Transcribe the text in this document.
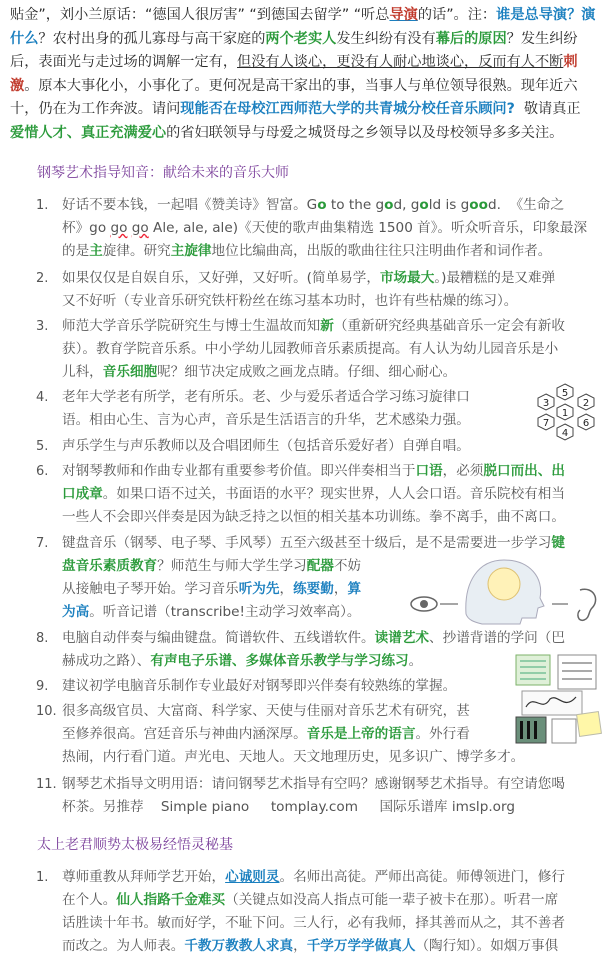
贴金”，刘小兰原话：“德国人很厉害” “到德国去留学” “听总导演的话”。注：谁是总导演？演
什么？农村出身的孤儿寡母与高干家庭的两个老实人发生纠纷有没有幕后的原因？发生纠纷
后，表面光与走过场的调解一定有，但没有人谈心，更没有人耐心地谈心，反而有人不断刺
激。原本大事化小，小事化了。更何况是高干家出的事，当事人与单位领导很熟。现年近六
十，仍在为工作奔波。请问现能否在母校江西师范大学的共青城分校任音乐顾问? 敬请真正
爱惜人才、真正充满爱心的省妇联领导与母爱之城贤母之乡领导以及母校领导多多关注。
钢琴艺术指导知音：献给未来的音乐大师
1. 好话不要本钱，一起唱《赞美诗》智富。Go to the god, gold is good. 《生命之
杯》go go go Ale, ale, ale)《天使的歌声曲集精选 1500 首》。听众听音乐，印象最深
的是主旋律。研究主旋律地位比编曲高，出版的歌曲往往只注明曲作者和词作者。
2. 如果仅仅是自娱自乐，又好弹，又好听。(简单易学，市场最大。)最糟糕的是又难弹
又不好听（专业音乐研究铁杆粉丝在练习基本功时，也许有些枯燥的练习）。
3. 师范大学音乐学院研究生与博士生温故而知新（重新研究经典基础音乐一定会有新收
获）。教育学院音乐系。中小学幼儿园教师音乐素质提高。有人认为幼儿园音乐是小
儿科，音乐细胞呢？细节决定成败之画龙点睛。仔细、细心耐心。
4. 老年大学老有所学，老有所乐。老、少与爱乐者适合学习练习旋律口
语。相由心生、言为心声，音乐是生活语言的升华，艺术感染力强。
5. 声乐学生与声乐教师以及合唱团师生（包括音乐爱好者）自弹自唱。
6. 对钢琴教师和作曲专业都有重要参考价值。即兴伴奏相当于口语，必须脱口而出、出
口成章。如果口语不过关，书面语的水平？现实世界，人人会口语。音乐院校有相当
一些人不会即兴伴奏是因为缺乏持之以恒的相关基本功训练。拳不离手，曲不离口。
7. 键盘音乐（钢琴、电子琴、手风琴）五至六级甚至十级后，是不是需要进一步学习键
盘音乐素质教育？师范生与师大学生学习配器不妨
从接触电子琴开始。学习音乐听为先，练要勤，算
为高。听音记谱（transcribe!主动学习效率高）。
8. 电脑自动伴奏与编曲键盘。简谱软件、五线谱软件。读谱艺术、抄谱背谱的学问（巴
赫成功之路）、有声电子乐谱、多媒体音乐教学与学习练习。
9. 建议初学电脑音乐制作专业最好对钢琴即兴伴奏有较熟练的掌握。
10. 很多高级官员、大富商、科学家、天使与佳丽对音乐艺术有研究，甚
至修养很高。宫廷音乐与神曲内涵深厚。音乐是上帝的语言。外行看
热闹，内行看门道。声光电、天地人。天文地理历史，见多识广、博学多才。
11. 钢琴艺术指导文明用语：请问钢琴艺术指导有空吗？感谢钢琴艺术指导。有空请您喝
杯茶。另推荐    Simple piano     tomplay.com     国际乐谱库 imslp.org
太上老君顺势太极易经悟灵秘基
1. 尊师重教从拜师学艺开始，心诚则灵。名师出高徒。严师出高徒。师傅领进门，修行
在个人。仙人指路千金难买（关键点如没高人指点可能一辈子被卡在那）。听君一席
话胜读十年书。敏而好学，不耻下问。三人行，必有我师，择其善而从之，其不善者
而改之。为人师表。千教万教教人求真，千学万学学做真人（陶行知）。如烟万事俱
5
3	2
1
7	6
4
